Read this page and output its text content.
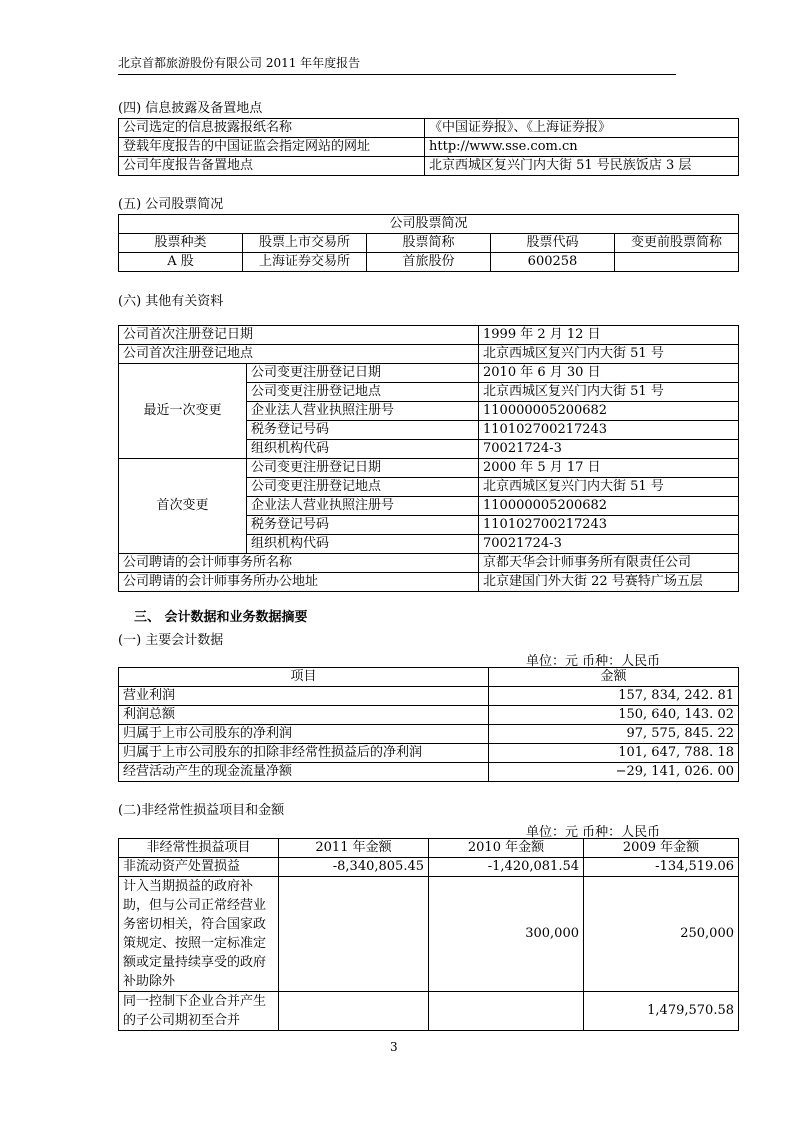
北京首都旅游股份有限公司 2011 年年度报告
(四) 信息披露及备置地点
公司选定的信息披露报纸名称	《中国证券报》、《上海证券报》
登载年度报告的中国证监会指定网站的网址	http://www.sse.com.cn
公司年度报告备置地点	北京西城区复兴门内大街 51 号民族饭店 3 层
(五) 公司股票简况
公司股票简况				
股票种类	股票上市交易所	股票简称	股票代码	变更前股票简称
A 股	上海证券交易所	首旅股份	600258	
(六) 其他有关资料
公司首次注册登记日期		1999 年 2 月 12 日
公司首次注册登记地点		北京西城区复兴门内大街 51 号
最近一次变更	公司变更注册登记日期	2010 年 6 月 30 日
	公司变更注册登记地点	北京西城区复兴门内大街 51 号
	企业法人营业执照注册号	110000005200682
	税务登记号码	110102700217243
	组织机构代码	70021724-3
首次变更	公司变更注册登记日期	2000 年 5 月 17 日
	公司变更注册登记地点	北京西城区复兴门内大街 51 号
	企业法人营业执照注册号	110000005200682
	税务登记号码	110102700217243
	组织机构代码	70021724-3
公司聘请的会计师事务所名称		京都天华会计师事务所有限责任公司
公司聘请的会计师事务所办公地址		北京建国门外大街 22 号赛特广场五层
三、 会计数据和业务数据摘要
(一) 主要会计数据
单位：元 币种：人民币
项目	金额
营业利润	157, 834, 242. 81
利润总额	150, 640, 143. 02
归属于上市公司股东的净利润	97, 575, 845. 22
归属于上市公司股东的扣除非经常性损益后的净利润	101, 647, 788. 18
经营活动产生的现金流量净额	−29, 141, 026. 00
(二)非经常性损益项目和金额
单位：元 币种：人民币
非经常性损益项目	2011 年金额	2010 年金额	2009 年金额
非流动资产处置损益	-8,340,805.45	-1,420,081.54	-134,519.06
计入当期损益的政府补助，但与公司正常经营业务密切相关，符合国家政策规定、按照一定标准定额或定量持续享受的政府补助除外		300,000	250,000
同一控制下企业合并产生的子公司期初至合并			1,479,570.58
3
